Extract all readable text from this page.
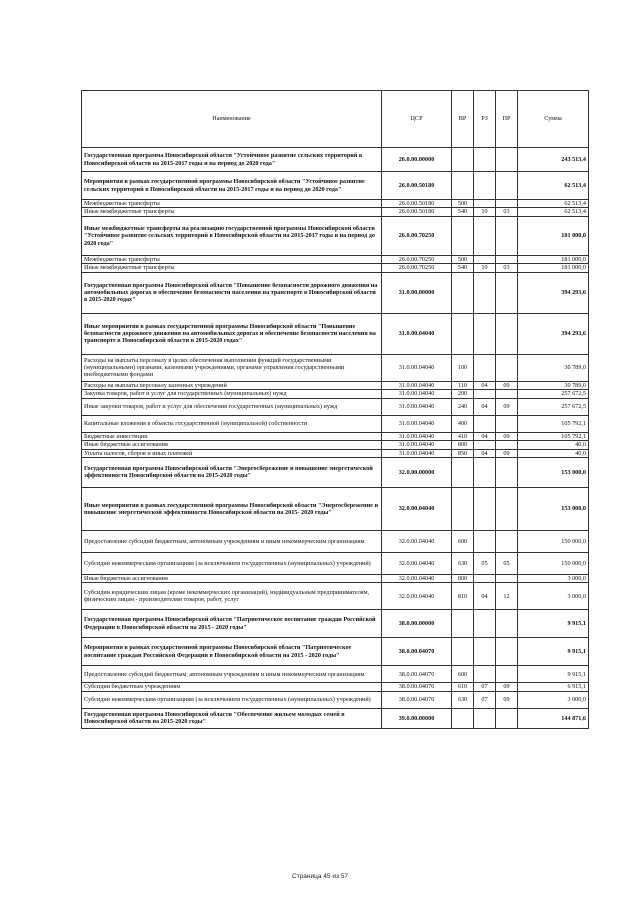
Наименование	ЦСР	ВР	РЗ	ПР	Сумма
Государственная программа Новосибирской области "Устойчивое развитие сельских территорий в Новосибирской области на 2015-2017 годы и на период до 2020 года"	26.0.00.00000				243 513,4
Мероприятия в рамках государственной программы Новосибирской области "Устойчивое развитие сельских территорий в Новосибирской области на 2015-2017 годы и на период до 2020 года"	26.0.00.50180				62 513,4
Межбюджетные трансферты	26.0.00.50180	500			62 513,4
Иные межбюджетные трансферты	26.0.00.50180	540	10	03	62 513,4
Иные межбюджетные трансферты на реализацию государственной программы Новосибирской области "Устойчивое развитие сельских территорий в Новосибирской области на 2015-2017 годы и на период до 2020 года"	26.0.00.70250				181 000,0
Межбюджетные трансферты	26.0.00.70250	500			181 000,0
Иные межбюджетные трансферты	26.0.00.70250	540	10	03	181 000,0
Государственная программа Новосибирской области "Повышение безопасности дорожного движения на автомобильных дорогах и обеспечение безопасности населения на транспорте в Новосибирской области в 2015-2020 годах"	31.0.00.00000				394 293,6
Иные мероприятия в рамках государственной программы Новосибирской области "Повышение безопасности дорожного движения на автомобильных дорогах и обеспечение безопасности населения на транспорте в Новосибирской области в 2015-2020 годах"	31.0.00.04040				394 293,6
Расходы на выплаты персоналу в целях обеспечения выполнения функций государственными (муниципальными) органами, казенными учреждениями, органами управления государственными внебюджетными фондами	31.0.00.04040	100			30 789,0
Расходы на выплаты персоналу казенных учреждений	31.0.00.04040	110	04	09	30 789,0
Закупка товаров, работ и услуг для государственных (муниципальных) нужд	31.0.00.04040	200			257 672,5
Иные закупки товаров, работ и услуг для обеспечения государственных (муниципальных) нужд	31.0.00.04040	240	04	09	257 672,5
Капитальные вложения в объекты государственной (муниципальной) собственности	31.0.00.04040	400			105 792,1
Бюджетные инвестиции	31.0.00.04040	410	04	09	105 792,1
Иные бюджетные ассигнования	31.0.00.04040	800			40,0
Уплата налогов, сборов и иных платежей	31.0.00.04040	850	04	09	40,0
Государственная программа Новосибирской области "Энергосбережение и повышение энергетической эффективности Новосибирской области на 2015-2020 годы"	32.0.00.00000				153 000,0
Иные мероприятия в рамках государственной программы Новосибирской области "Энергосбережение и повышение энергетической эффективности Новосибирской области на 2015- 2020 годы"	32.0.00.04040				153 000,0
Предоставление субсидий бюджетным, автономным учреждениям и иным некоммерческим организациям	32.0.00.04040	600			150 000,0
Субсидии некоммерческим организациям (за исключением государственных (муниципальных) учреждений)	32.0.00.04040	630	05	05	150 000,0
Иные бюджетные ассигнования	32.0.00.04040	800			3 000,0
Субсидии юридическим лицам (кроме некоммерческих организаций), индивидуальным предпринимателям, физическим лицам - производителям товаров, работ, услуг	32.0.00.04040	810	04	12	3 000,0
Государственная программа Новосибирской области "Патриотическое воспитание граждан Российской Федерации в Новосибирской области на 2015 - 2020 годы"	38.0.00.00000				9 915,1
Мероприятия в рамках государственной программы Новосибирской области "Патриотическое воспитание граждан Российской Федерации в Новосибирской области на 2015 - 2020 годы"	38.0.00.04070				9 915,1
Предоставление субсидий бюджетным, автономным учреждениям и иным некоммерческим организациям	38.0.00.04070	600			9 915,1
Субсидии бюджетным учреждениям	38.0.00.04070	610	07	09	6 915,1
Субсидии некоммерческим организациям (за исключением государственных (муниципальных) учреждений)	38.0.00.04070	630	07	09	3 000,0
Государственная программа Новосибирской области "Обеспечение жильем молодых семей в Новосибирской области на 2015-2020 годы"	39.0.00.00000				144 871,6
Страница 45 из 57
